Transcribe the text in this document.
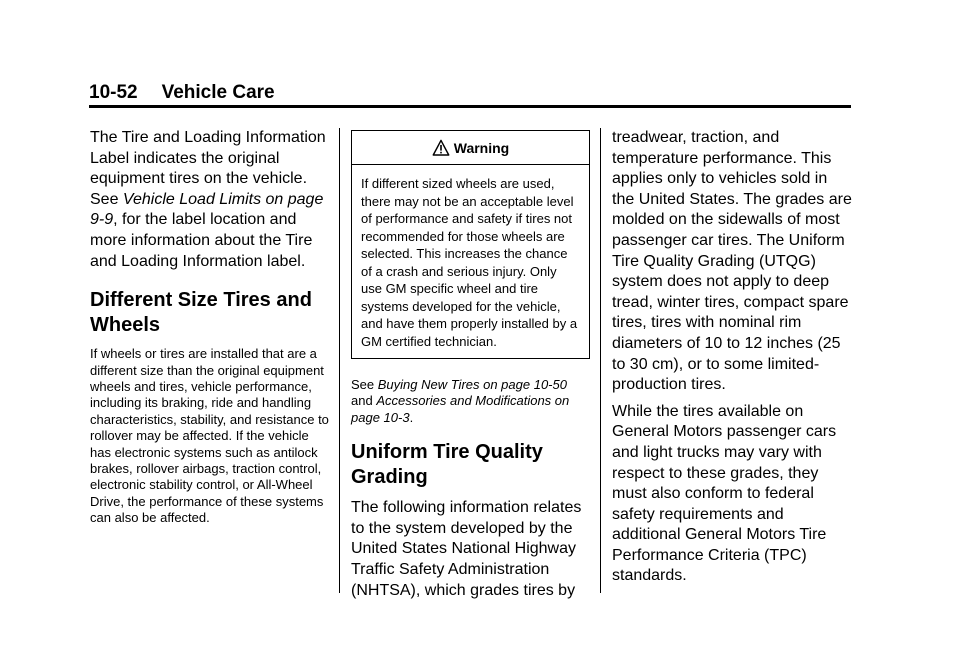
10-52 Vehicle Care

The Tire and Loading Information Label indicates the original equipment tires on the vehicle. See Vehicle Load Limits on page 9‑9, for the label location and more information about the Tire and Loading Information label.

Different Size Tires and Wheels

If wheels or tires are installed that are a different size than the original equipment wheels and tires, vehicle performance, including its braking, ride and handling characteristics, stability, and resistance to rollover may be affected. If the vehicle has electronic systems such as antilock brakes, rollover airbags, traction control, electronic stability control, or All-Wheel Drive, the performance of these systems can also be affected.

Warning

If different sized wheels are used, there may not be an acceptable level of performance and safety if tires not recommended for those wheels are selected. This increases the chance of a crash and serious injury. Only use GM specific wheel and tire systems developed for the vehicle, and have them properly installed by a GM certified technician.

See Buying New Tires on page 10‑50 and Accessories and Modifications on page 10‑3.

Uniform Tire Quality Grading

The following information relates to the system developed by the United States National Highway Traffic Safety Administration (NHTSA), which grades tires by

treadwear, traction, and temperature performance. This applies only to vehicles sold in the United States. The grades are molded on the sidewalls of most passenger car tires. The Uniform Tire Quality Grading (UTQG) system does not apply to deep tread, winter tires, compact spare tires, tires with nominal rim diameters of 10 to 12 inches (25 to 30 cm), or to some limited-production tires.

While the tires available on General Motors passenger cars and light trucks may vary with respect to these grades, they must also conform to federal safety requirements and additional General Motors Tire Performance Criteria (TPC) standards.
